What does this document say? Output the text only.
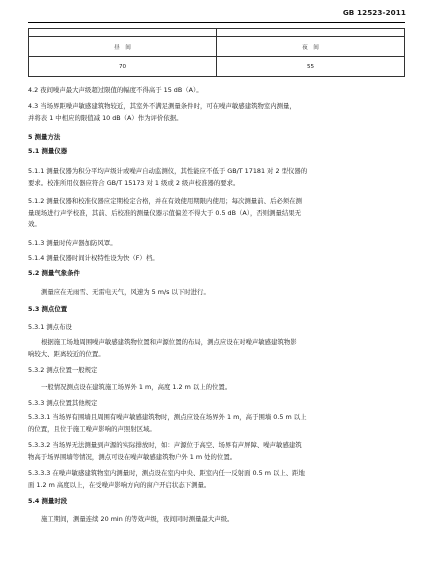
GB 12523-2011

昼　间	夜　间
70	55
4.2 夜间噪声最大声级超过限值的幅度不得高于 15 dB（A）。
4.3 当场界距噪声敏感建筑物较近，其室外不满足测量条件时，可在噪声敏感建筑物室内测量，
并将表 1 中相应的限值减 10 dB（A）作为评价依据。
5 测量方法
5.1 测量仪器
5.1.1 测量仪器为积分平均声级计或噪声自动监测仪，其性能应不低于 GB/T 17181 对 2 型仪器的
要求。校准所用仪器应符合 GB/T 15173 对 1 级或 2 级声校准器的要求。
5.1.2 测量仪器和校准仪器应定期检定合格，并在有效使用期限内使用；每次测量前、后必须在测
量现场进行声学校准，其前、后校准的测量仪器示值偏差不得大于 0.5 dB（A），否则测量结果无
效。
5.1.3 测量时传声器加防风罩。
5.1.4 测量仪器时间计权特性设为快（F）档。
5.2 测量气象条件
测量应在无雨雪、无雷电天气，风速为 5 m/s 以下时进行。
5.3 测点位置
5.3.1 测点布设
根据施工场地周围噪声敏感建筑物位置和声源位置的布局，测点应设在对噪声敏感建筑物影
响较大、距离较近的位置。
5.3.2 测点位置一般规定
一般情况测点设在建筑施工场界外 1 m，高度 1.2 m 以上的位置。
5.3.3 测点位置其他规定
5.3.3.1 当场界有围墙且周围有噪声敏感建筑物时，测点应设在场界外 1 m，高于围墙 0.5 m 以上
的位置，且位于施工噪声影响的声照射区域。
5.3.3.2 当场界无法测量到声源的实际排放时，如：声源位于高空、场界有声屏障、噪声敏感建筑
物高于场界围墙等情况，测点可设在噪声敏感建筑物户外 1 m 处的位置。
5.3.3.3 在噪声敏感建筑物室内测量时，测点设在室内中央、距室内任一反射面 0.5 m 以上、距地
面 1.2 m 高度以上，在受噪声影响方向的窗户开启状态下测量。
5.4 测量时段
施工期间，测量连续 20 min 的等效声级，夜间同时测量最大声级。
